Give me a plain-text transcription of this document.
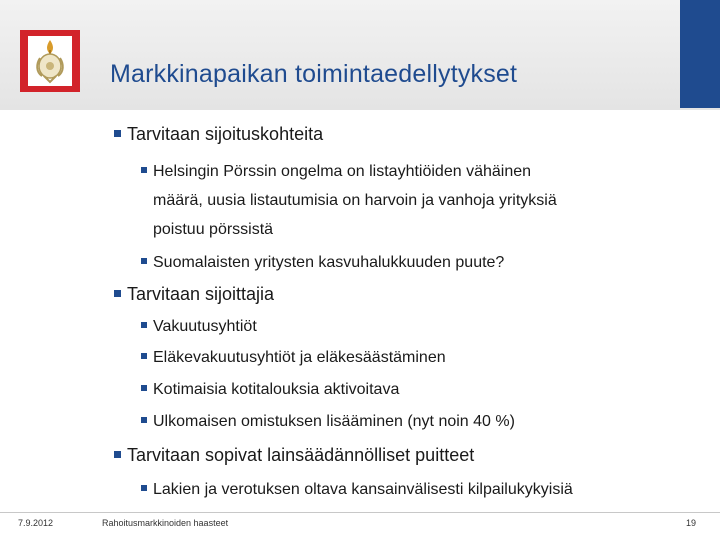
Markkinapaikan toimintaedellytykset
Tarvitaan sijoituskohteita
Helsingin Pörssin ongelma on listayhtiöiden vähäinen
määrä, uusia listautumisia on harvoin ja vanhoja yrityksiä
poistuu pörssistä
Suomalaisten yritysten kasvuhalukkuuden puute?
Tarvitaan sijoittajia
Vakuutusyhtiöt
Eläkevakuutusyhtiöt ja eläkesäästäminen
Kotimaisia kotitalouksia aktivoitava
Ulkomaisen omistuksen lisääminen (nyt noin 40 %)
Tarvitaan sopivat lainsäädännölliset puitteet
Lakien ja verotuksen oltava kansainvälisesti kilpailukykyisiä
7.9.2012	Rahoitusmarkkinoiden haasteet	19
